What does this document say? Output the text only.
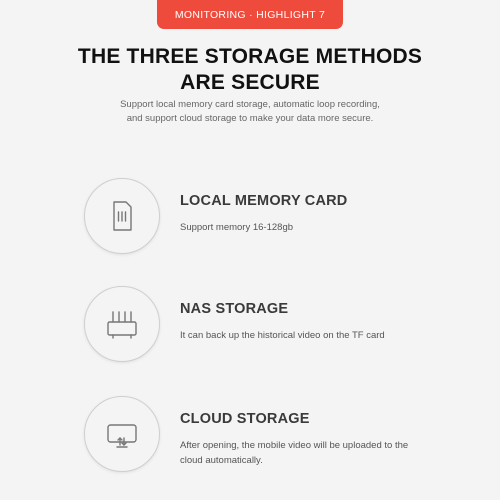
MONITORING · HIGHLIGHT 7
THE THREE STORAGE METHODS
ARE SECURE
Support local memory card storage, automatic loop recording,
and support cloud storage to make your data more secure.
LOCAL MEMORY CARD
Support memory 16-128gb
NAS STORAGE
It can back up the historical video on the TF card
CLOUD STORAGE
After opening, the mobile video will be uploaded to the
cloud automatically.
